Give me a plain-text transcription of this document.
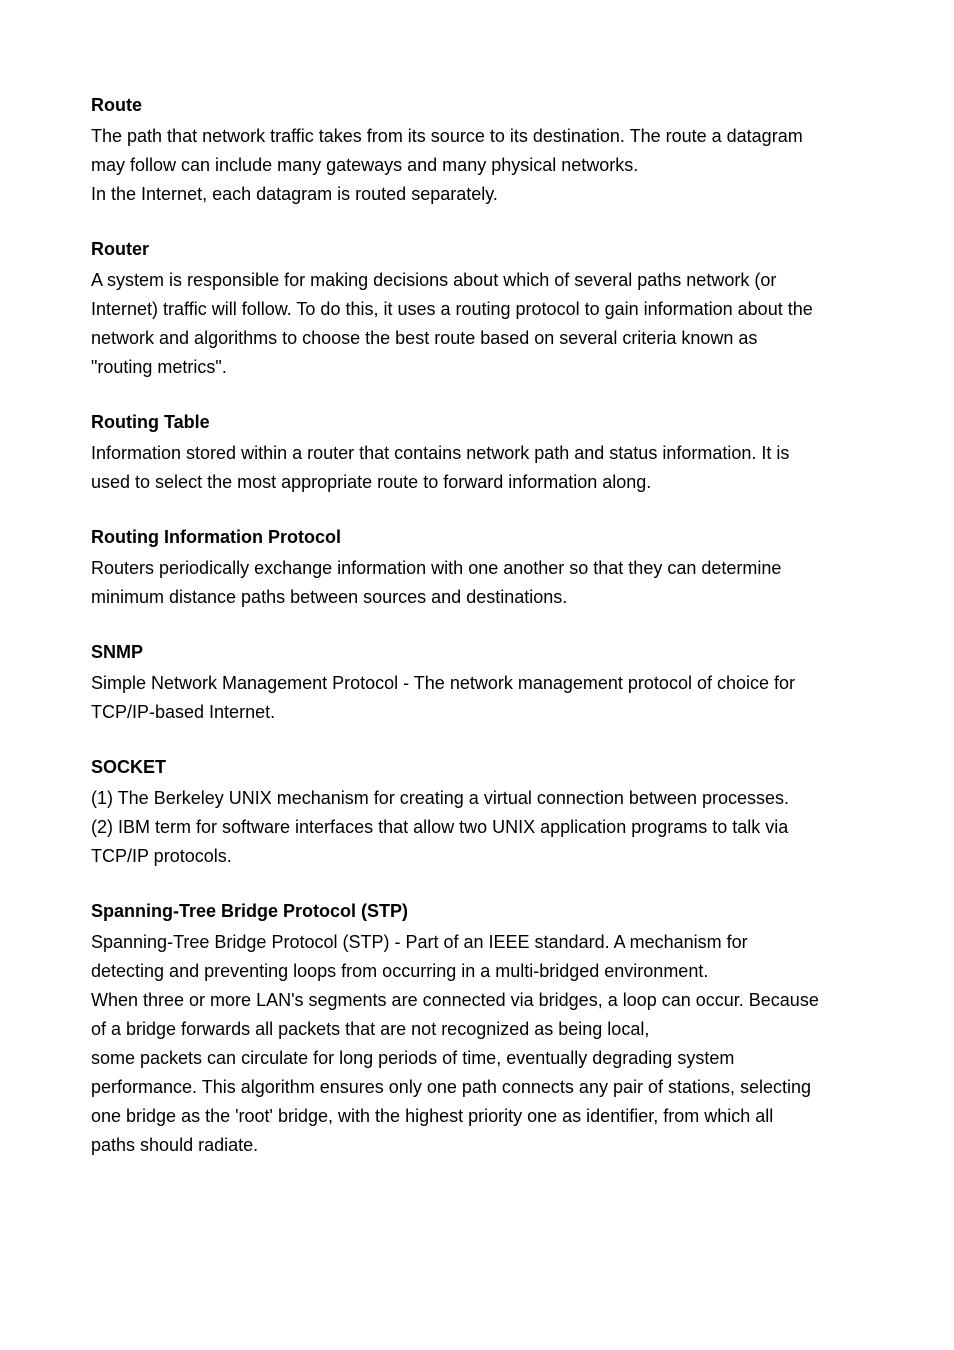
Route

The path that network traffic takes from its source to its destination. The route a datagram

may follow can include many gateways and many physical networks.

In the Internet, each datagram is routed separately.

Router

A system is responsible for making decisions about which of several paths network (or

Internet) traffic will follow. To do this, it uses a routing protocol to gain information about the

network and algorithms to choose the best route based on several criteria known as

"routing metrics".

Routing Table

Information stored within a router that contains network path and status information. It is

used to select the most appropriate route to forward information along.

Routing Information Protocol

Routers periodically exchange information with one another so that they can determine

minimum distance paths between sources and destinations.

SNMP

Simple Network Management Protocol - The network management protocol of choice for

TCP/IP-based Internet.

SOCKET

(1) The Berkeley UNIX mechanism for creating a virtual connection between processes.

(2) IBM term for software interfaces that allow two UNIX application programs to talk via

TCP/IP protocols.

Spanning-Tree Bridge Protocol (STP)

Spanning-Tree Bridge Protocol (STP) - Part of an IEEE standard. A mechanism for

detecting and preventing loops from occurring in a multi-bridged environment.

When three or more LAN's segments are connected via bridges, a loop can occur. Because

of a bridge forwards all packets that are not recognized as being local,

some packets can circulate for long periods of time, eventually degrading system

performance. This algorithm ensures only one path connects any pair of stations, selecting

one bridge as the 'root' bridge, with the highest priority one as identifier, from which all

paths should radiate.
